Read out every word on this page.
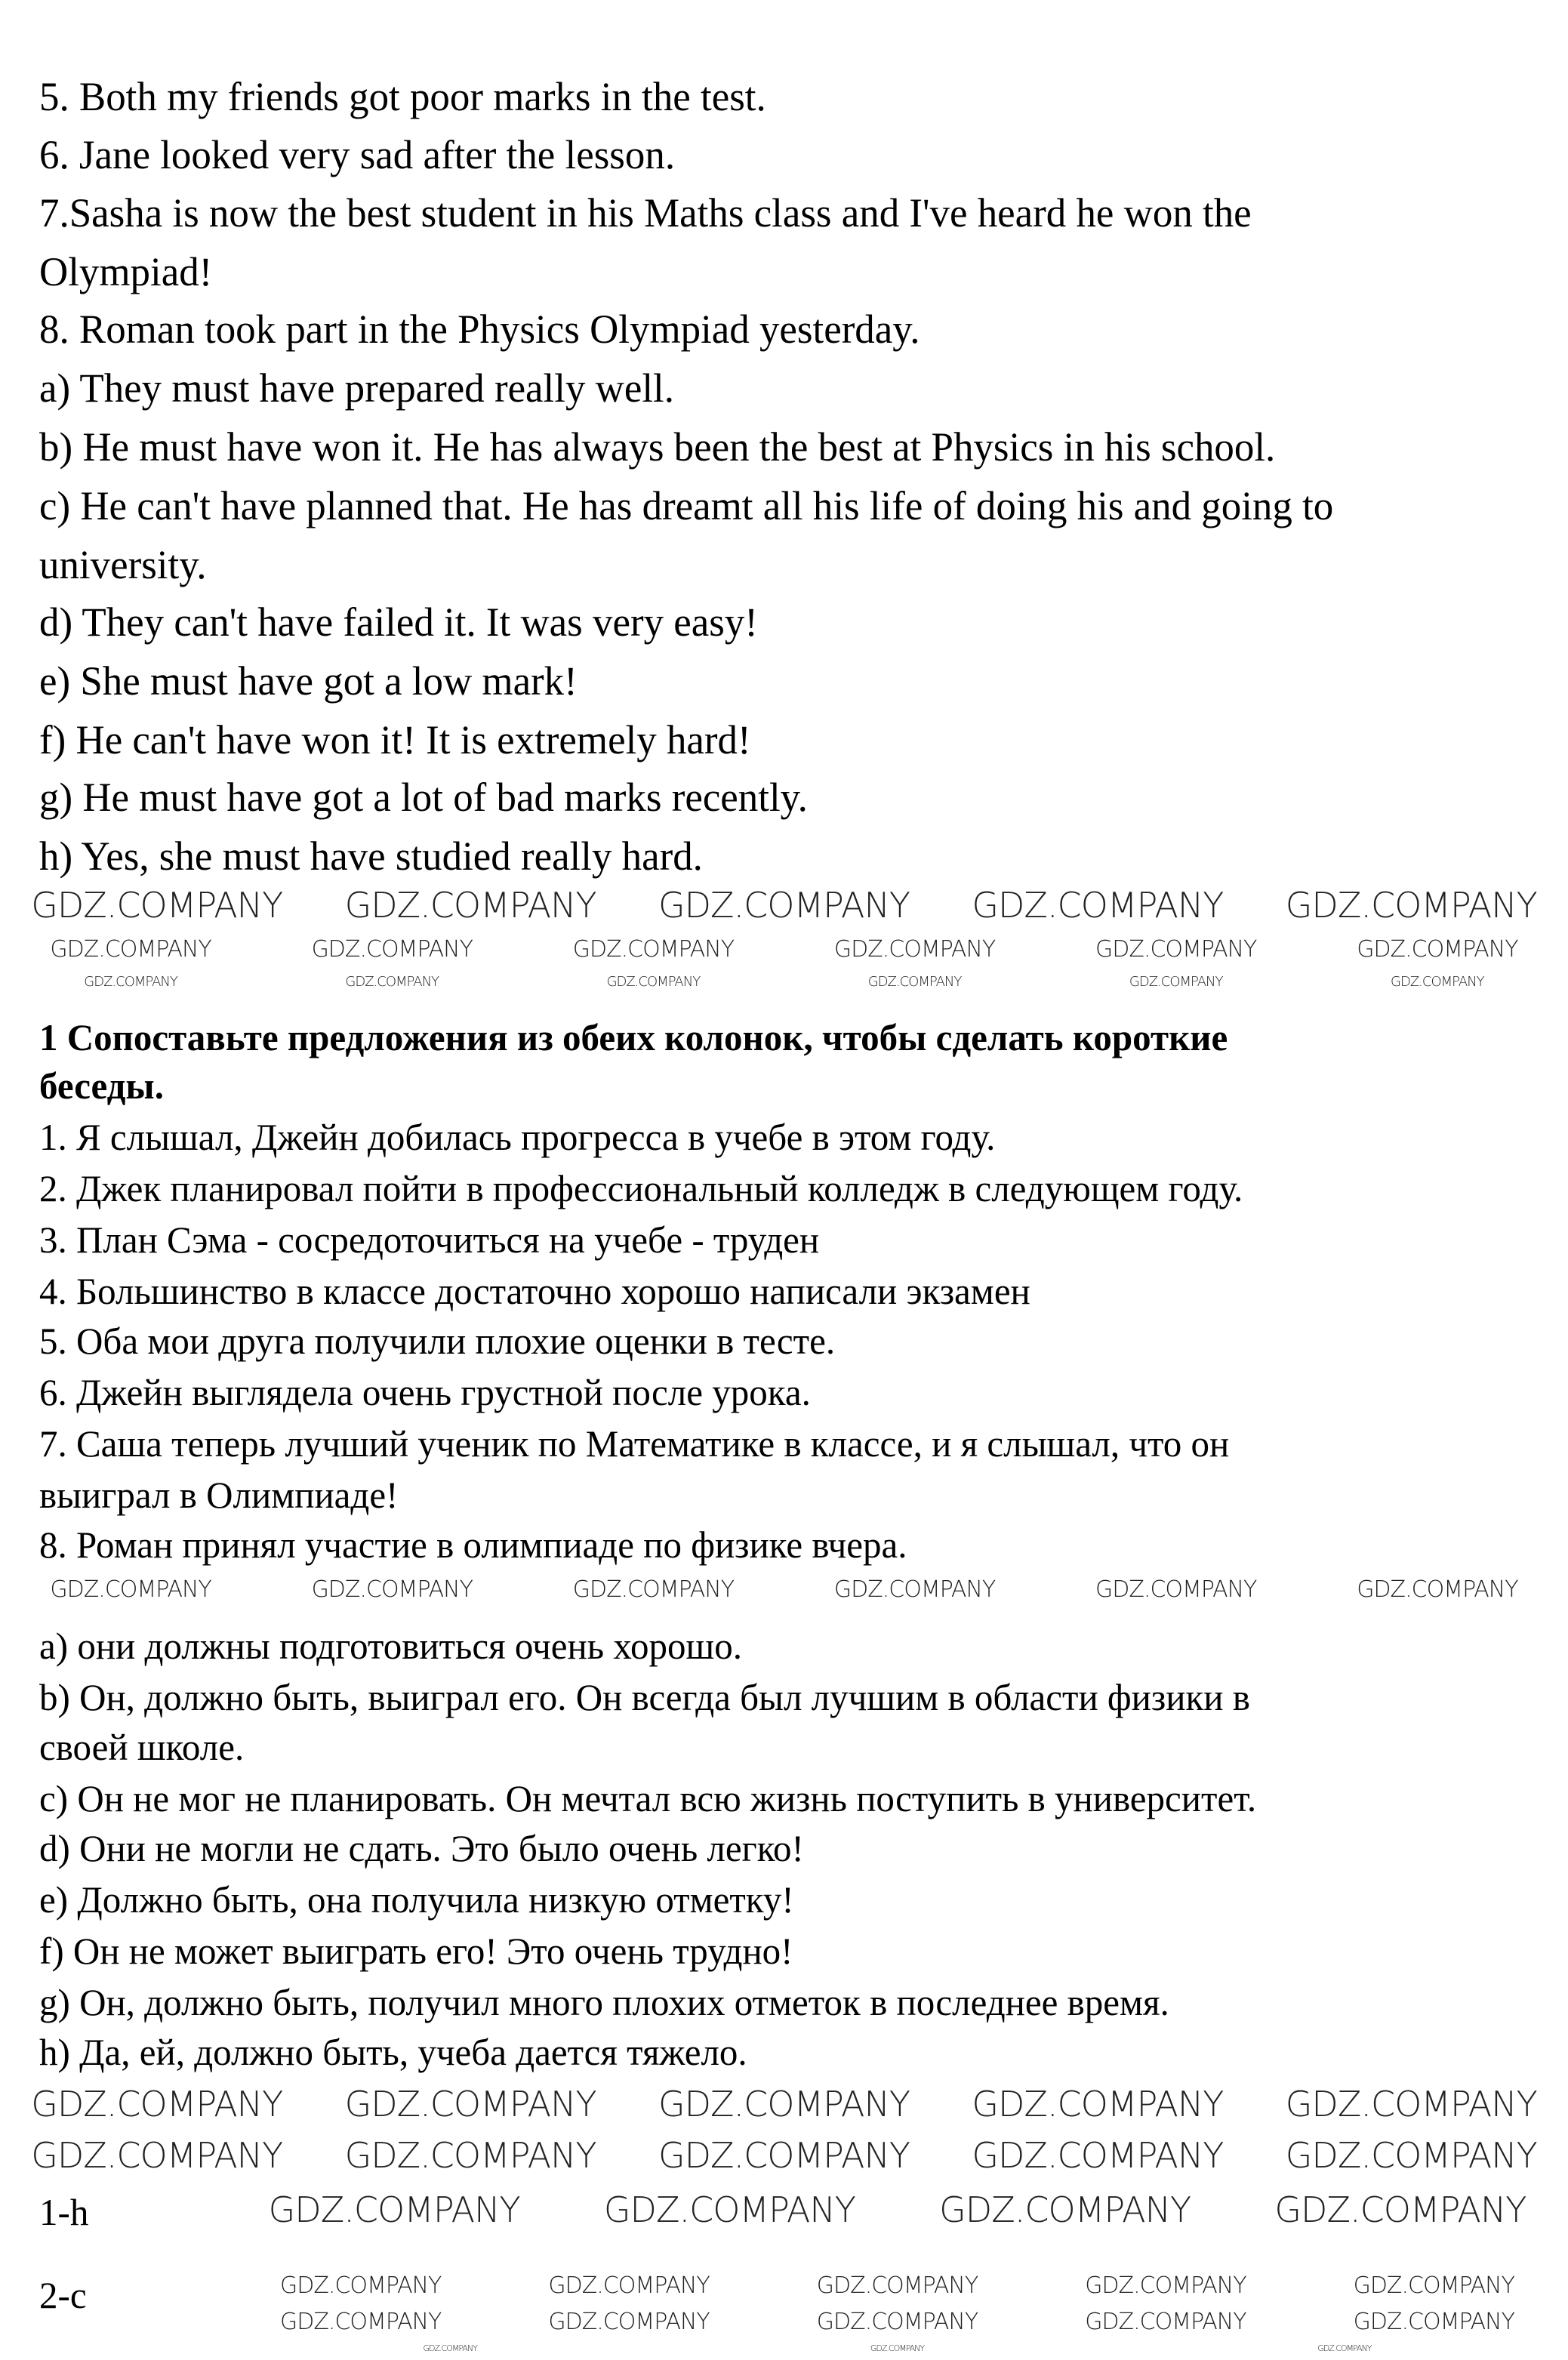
5. Both my friends got poor marks in the test.
6. Jane looked very sad after the lesson.
7.Sasha is now the best student in his Maths class and I've heard he won the
Olympiad!
8. Roman took part in the Physics Olympiad yesterday.
a) They must have prepared really well.
b) He must have won it. He has always been the best at Physics in his school.
c) He can't have planned that. He has dreamt all his life of doing his and going to
university.
d) They can't have failed it. It was very easy!
e) She must have got a low mark!
f) He can't have won it! It is extremely hard!
g) He must have got a lot of bad marks recently.
h) Yes, she must have studied really hard.
1 Сопоставьте предложения из обеих колонок, чтобы сделать короткие
беседы.
1. Я слышал, Джейн добилась прогресса в учебе в этом году.
2. Джек планировал пойти в профессиональный колледж в следующем году.
3. План Сэма - сосредоточиться на учебе - труден
4. Большинство в классе достаточно хорошо написали экзамен
5. Оба мои друга получили плохие оценки в тесте.
6. Джейн выглядела очень грустной после урока.
7. Саша теперь лучший ученик по Математике в классе, и я слышал, что он
выиграл в Олимпиаде!
8. Роман принял участие в олимпиаде по физике вчера.
a) они должны подготовиться очень хорошо.
b) Он, должно быть, выиграл его. Он всегда был лучшим в области физики в
своей школе.
c) Он не мог не планировать. Он мечтал всю жизнь поступить в университет.
d) Они не могли не сдать. Это было очень легко!
e) Должно быть, она получила низкую отметку!
f) Он не может выиграть его! Это очень трудно!
g) Он, должно быть, получил много плохих отметок в последнее время.
h) Да, ей, должно быть, учеба дается тяжело.
1-h
2-c
GDZ.COMPANY GDZ.COMPANY GDZ.COMPANY GDZ.COMPANY GDZ.COMPANY
GDZ.COMPANY	GDZ.COMPANY	GDZ.COMPANY	GDZ.COMPANY	GDZ.COMPANY	GDZ.COMPANY
GDZ.COMPANY	GDZ.COMPANY	GDZ.COMPANY	GDZ.COMPANY	GDZ.COMPANY	GDZ.COMPANY
GDZ.COMPANY	GDZ.COMPANY	GDZ.COMPANY	GDZ.COMPANY	GDZ.COMPANY	GDZ.COMPANY
GDZ.COMPANY GDZ.COMPANY GDZ.COMPANY GDZ.COMPANY GDZ.COMPANY
GDZ.COMPANY GDZ.COMPANY GDZ.COMPANY GDZ.COMPANY GDZ.COMPANY
GDZ.COMPANY GDZ.COMPANY GDZ.COMPANY GDZ.COMPANY
GDZ.COMPANY	GDZ.COMPANY	GDZ.COMPANY	GDZ.COMPANY	GDZ.COMPANY
GDZ.COMPANY	GDZ.COMPANY	GDZ.COMPANY	GDZ.COMPANY	GDZ.COMPANY
GDZ.COMPANY	GDZ.COMPANY	GDZ.COMPANY
